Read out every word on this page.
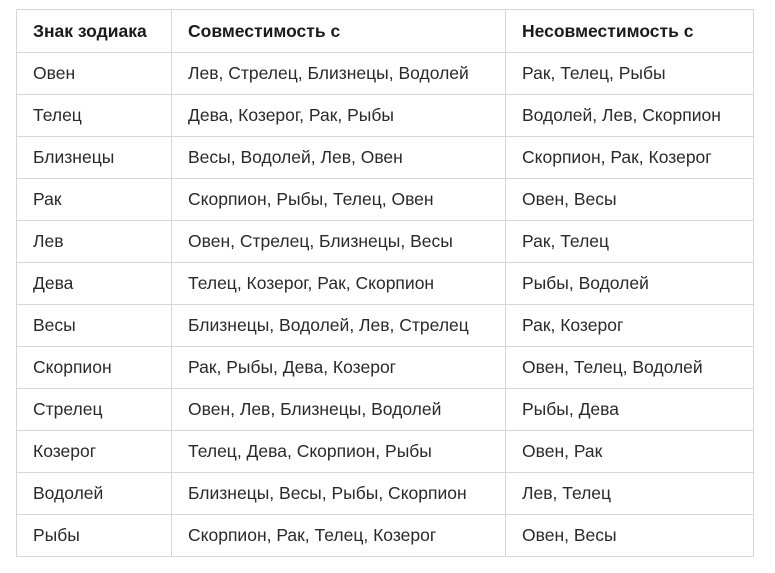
Знак зодиака	Совместимость с	Несовместимость с
Овен	Лев, Стрелец, Близнецы, Водолей	Рак, Телец, Рыбы
Телец	Дева, Козерог, Рак, Рыбы	Водолей, Лев, Скорпион
Близнецы	Весы, Водолей, Лев, Овен	Скорпион, Рак, Козерог
Рак	Скорпион, Рыбы, Телец, Овен	Овен, Весы
Лев	Овен, Стрелец, Близнецы, Весы	Рак, Телец
Дева	Телец, Козерог, Рак, Скорпион	Рыбы, Водолей
Весы	Близнецы, Водолей, Лев, Стрелец	Рак, Козерог
Скорпион	Рак, Рыбы, Дева, Козерог	Овен, Телец, Водолей
Стрелец	Овен, Лев, Близнецы, Водолей	Рыбы, Дева
Козерог	Телец, Дева, Скорпион, Рыбы	Овен, Рак
Водолей	Близнецы, Весы, Рыбы, Скорпион	Лев, Телец
Рыбы	Скорпион, Рак, Телец, Козерог	Овен, Весы
